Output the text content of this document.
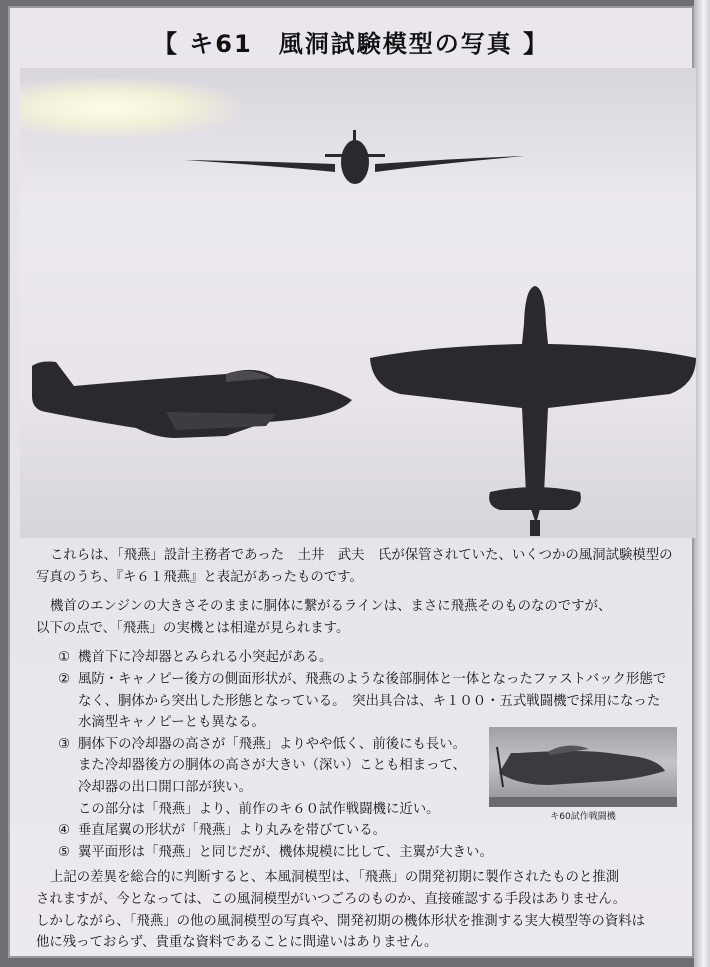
【 キ61　風洞試験模型の写真 】

これらは、「飛燕」設計主務者であった　土井　武夫　氏が保管されていた、いくつかの風洞試験模型の

写真のうち、『キ６１飛燕』と表記があったものです。

機首のエンジンの大きさそのままに胴体に繋がるラインは、まさに飛燕そのものなのですが、

以下の点で、「飛燕」の実機とは相違が見られます。

① 機首下に冷却器とみられる小突起がある。

② 風防・キャノピー後方の側面形状が、飛燕のような後部胴体と一体となったファストバック形態で

なく、胴体から突出した形態となっている。　突出具合は、キ１００・五式戦闘機で採用になった

水滴型キャノピーとも異なる。

③ 胴体下の冷却器の高さが「飛燕」よりやや低く、前後にも長い。

また冷却器後方の胴体の高さが大きい（深い）ことも相まって、

冷却器の出口開口部が狭い。

この部分は「飛燕」より、前作のキ６０試作戦闘機に近い。

④ 垂直尾翼の形状が「飛燕」より丸みを帯びている。

⑤ 翼平面形は「飛燕」と同じだが、機体規模に比して、主翼が大きい。

上記の差異を総合的に判断すると、本風洞模型は、「飛燕」の開発初期に製作されたものと推測

されますが、今となっては、この風洞模型がいつごろのものか、直接確認する手段はありません。

しかしながら、「飛燕」の他の風洞模型の写真や、開発初期の機体形状を推測する実大模型等の資料は

他に残っておらず、貴重な資料であることに間違いはありません。

キ60試作戦闘機
